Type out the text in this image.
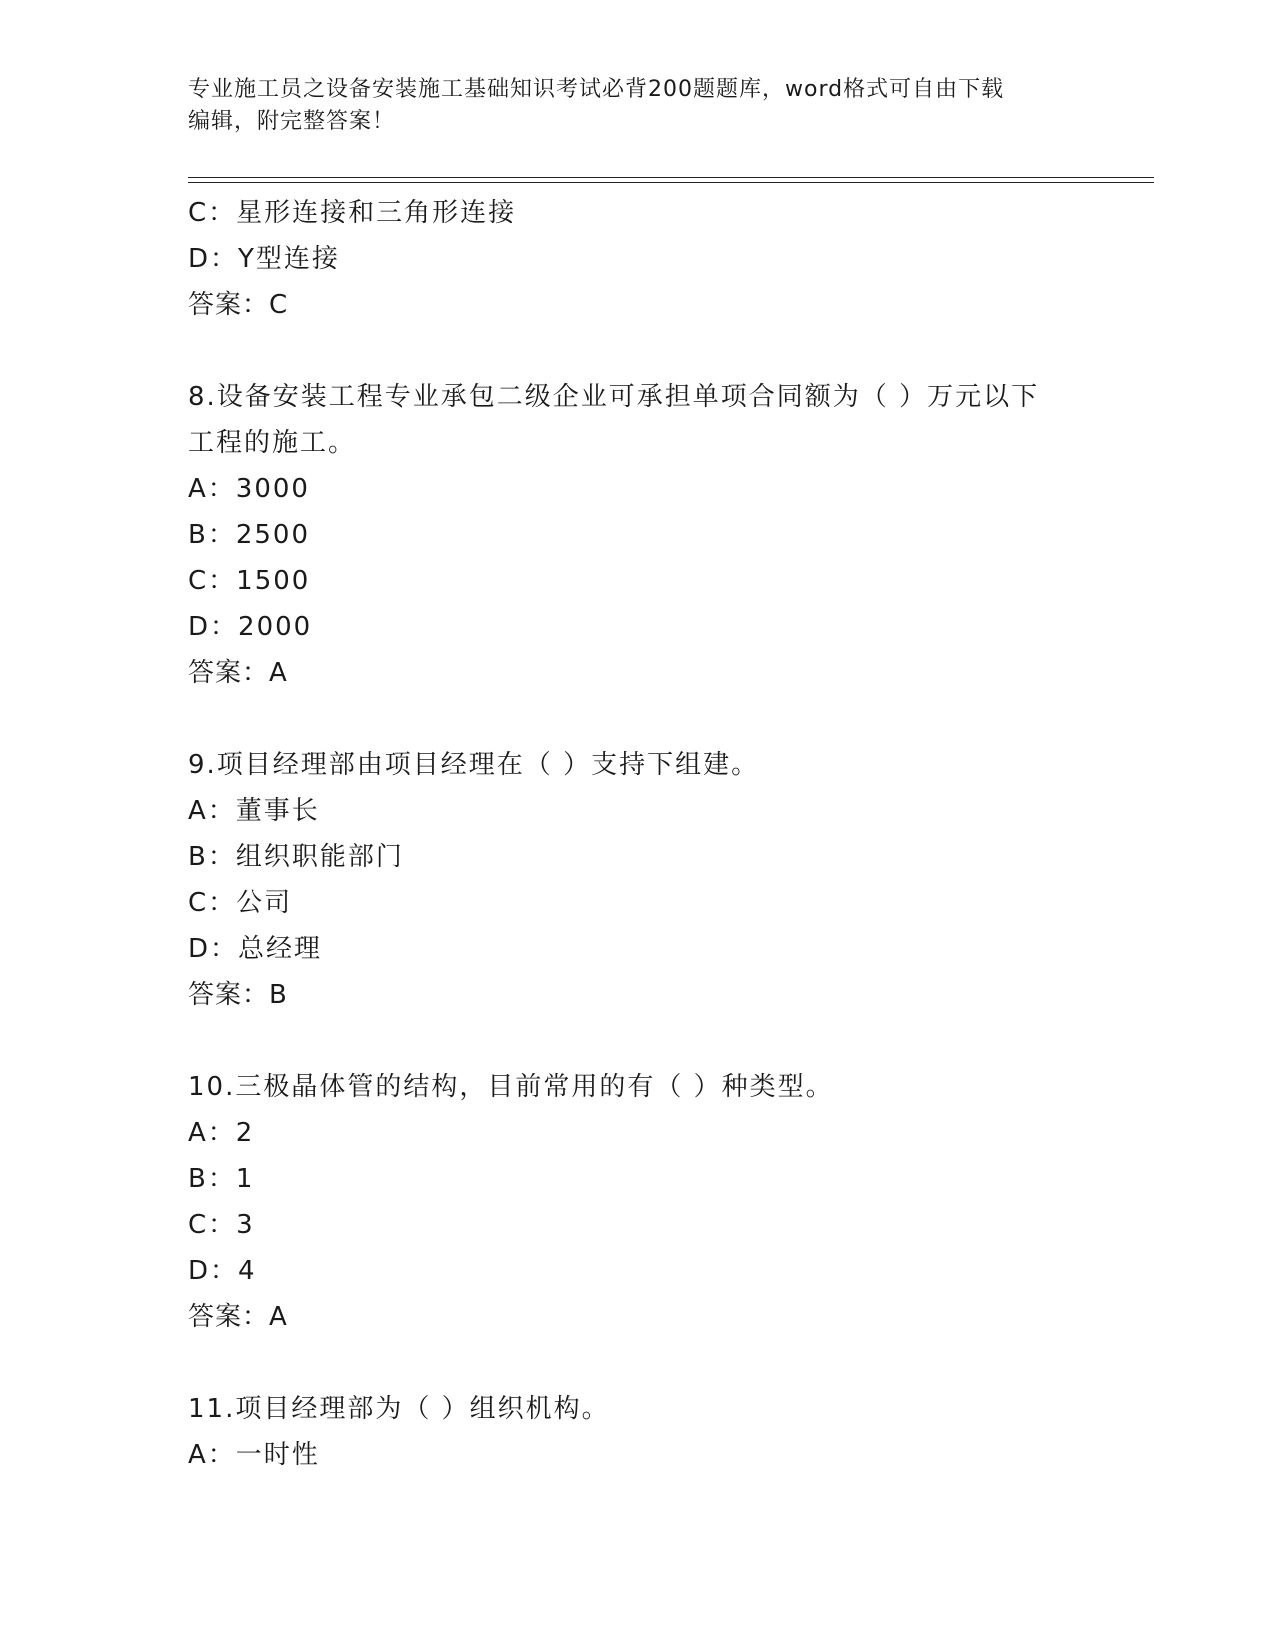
专业施工员之设备安装施工基础知识考试必背200题题库，word格式可自由下载
编辑，附完整答案！
C：星形连接和三角形连接
D：Y型连接
答案：C
8.设备安装工程专业承包二级企业可承担单项合同额为（ ）万元以下
工程的施工。
A：3000
B：2500
C：1500
D：2000
答案：A
9.项目经理部由项目经理在（ ）支持下组建。
A：董事长
B：组织职能部门
C：公司
D：总经理
答案：B
10.三极晶体管的结构，目前常用的有（ ）种类型。
A：2
B：1
C：3
D：4
答案：A
11.项目经理部为（ ）组织机构。
A：一时性
